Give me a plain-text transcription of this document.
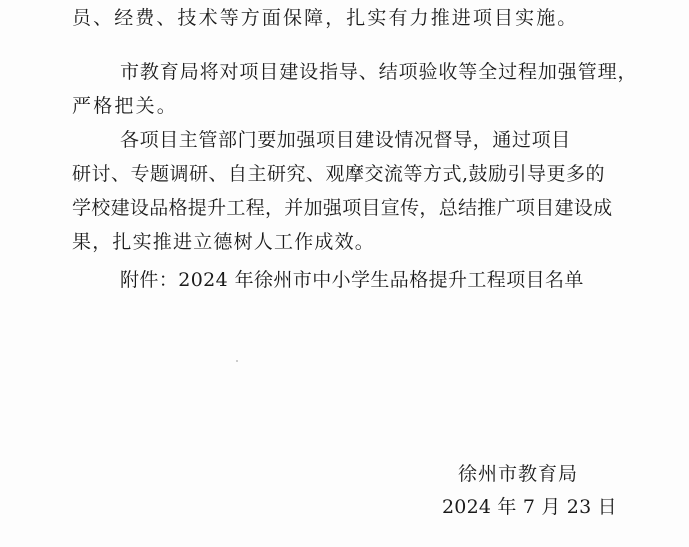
员、经费、技术等方面保障，扎实有力推进项目实施。
市教育局将对项目建设指导、结项验收等全过程加强管理，
严格把关。
各项目主管部门要加强项目建设情况督导，通过项目
研讨、专题调研、自主研究、观摩交流等方式,鼓励引导更多的
学校建设品格提升工程，并加强项目宣传，总结推广项目建设成
果，扎实推进立德树人工作成效。
附件：2024 年徐州市中小学生品格提升工程项目名单
徐州市教育局
2024 年 7 月 23 日
